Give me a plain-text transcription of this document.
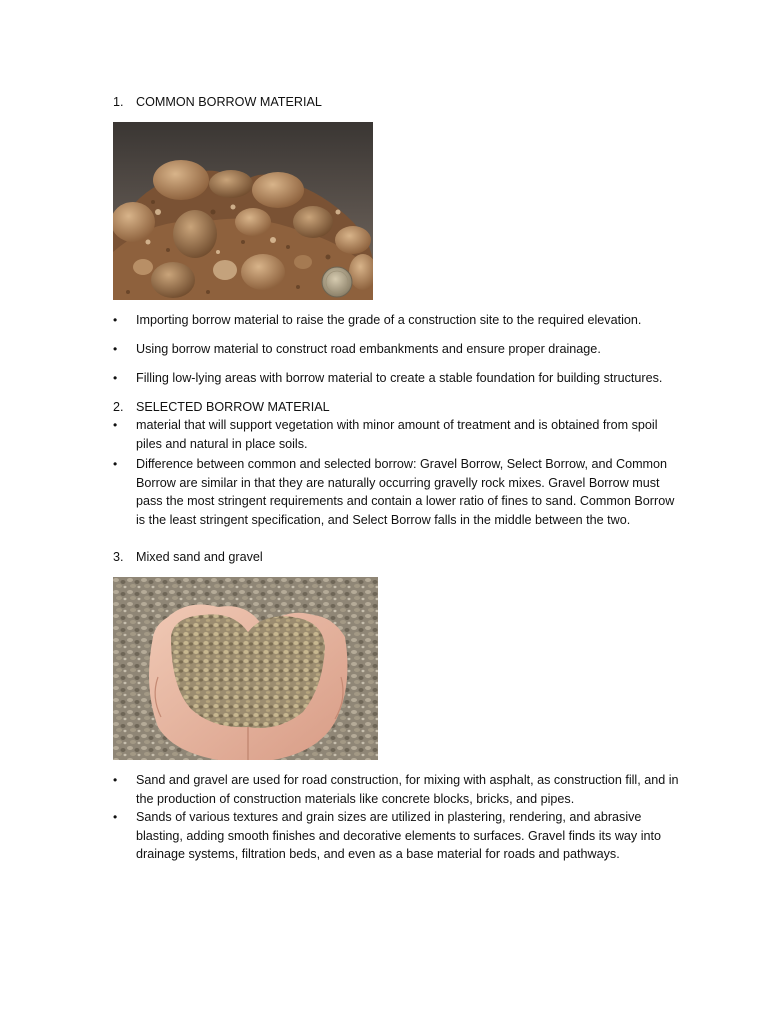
1. COMMON BORROW MATERIAL
•	Importing borrow material to raise the grade of a construction site to the required elevation.
•	Using borrow material to construct road embankments and ensure proper drainage.
•	Filling low-lying areas with borrow material to create a stable foundation for building structures.
2. SELECTED BORROW MATERIAL
•	material that will support vegetation with minor amount of treatment and is obtained from spoil piles and natural in place soils.
•	Difference between common and selected borrow: Gravel Borrow, Select Borrow, and Common Borrow are similar in that they are naturally occurring gravelly rock mixes. Gravel Borrow must pass the most stringent requirements and contain a lower ratio of fines to sand. Common Borrow is the least stringent specification, and Select Borrow falls in the middle between the two.
3. Mixed sand and gravel
•	Sand and gravel are used for road construction, for mixing with asphalt, as construction fill, and in the production of construction materials like concrete blocks, bricks, and pipes.
•	Sands of various textures and grain sizes are utilized in plastering, rendering, and abrasive blasting, adding smooth finishes and decorative elements to surfaces. Gravel finds its way into drainage systems, filtration beds, and even as a base material for roads and pathways.
